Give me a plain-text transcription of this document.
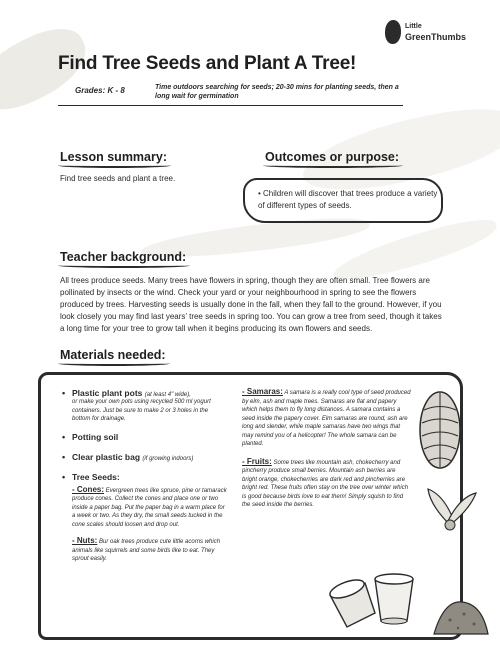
Little
GreenThumbs
Find Tree Seeds and Plant A Tree!
Grades: K - 8	Time outdoors searching for seeds; 20-30 mins for planting seeds, then a long wait for germination
Lesson summary:
Find tree seeds and plant a tree.
Outcomes or purpose:
• Children will discover that trees produce a variety of different types of seeds.
Teacher background:
All trees produce seeds. Many trees have flowers in spring, though they are often small. Tree flowers are pollinated by insects or the wind. Check your yard or your neighbourhood in spring to see the flowers produced by trees. Harvesting seeds is usually done in the fall, when they fall to the ground. However, if you look closely you may find last years’ tree seeds in spring too. You can grow a tree from seed, though it takes a long time for your tree to grow tall when it begins producing its own flowers and seeds.
Materials needed:
• Plastic plant pots (at least 4" wide),
or make your own pots using recycled 500 ml yogurt containers. Just be sure to make 2 or 3 holes in the bottom for drainage.
• Potting soil
• Clear plastic bag (if growing indoors)
• Tree Seeds:
- Cones: Evergreen trees like spruce, pine or tamarack produce cones. Collect the cones and place one or two inside a paper bag. Put the paper bag in a warm place for a week or two. As they dry, the small seeds tucked in the cone scales should loosen and drop out.
- Nuts: Bur oak trees produce cute little acorns which animals like squirrels and some birds like to eat. They sprout easily.
- Samaras: A samara is a really cool type of seed produced by elm, ash and maple trees. Samaras are flat and papery which helps them to fly long distances. A samara contains a seed inside the papery cover. Elm samaras are round, ash are long and slender, while maple samaras have two wings that may remind you of a helicopter! The whole samara can be planted.
- Fruits: Some trees like mountain ash, chokecherry and pincherry produce small berries. Mountain ash berries are bright orange, chokecherries are dark red and pincherries are bright red. These fruits often stay on the tree over winter which is good because birds love to eat them! Simply squish to find the seed inside the berries.
